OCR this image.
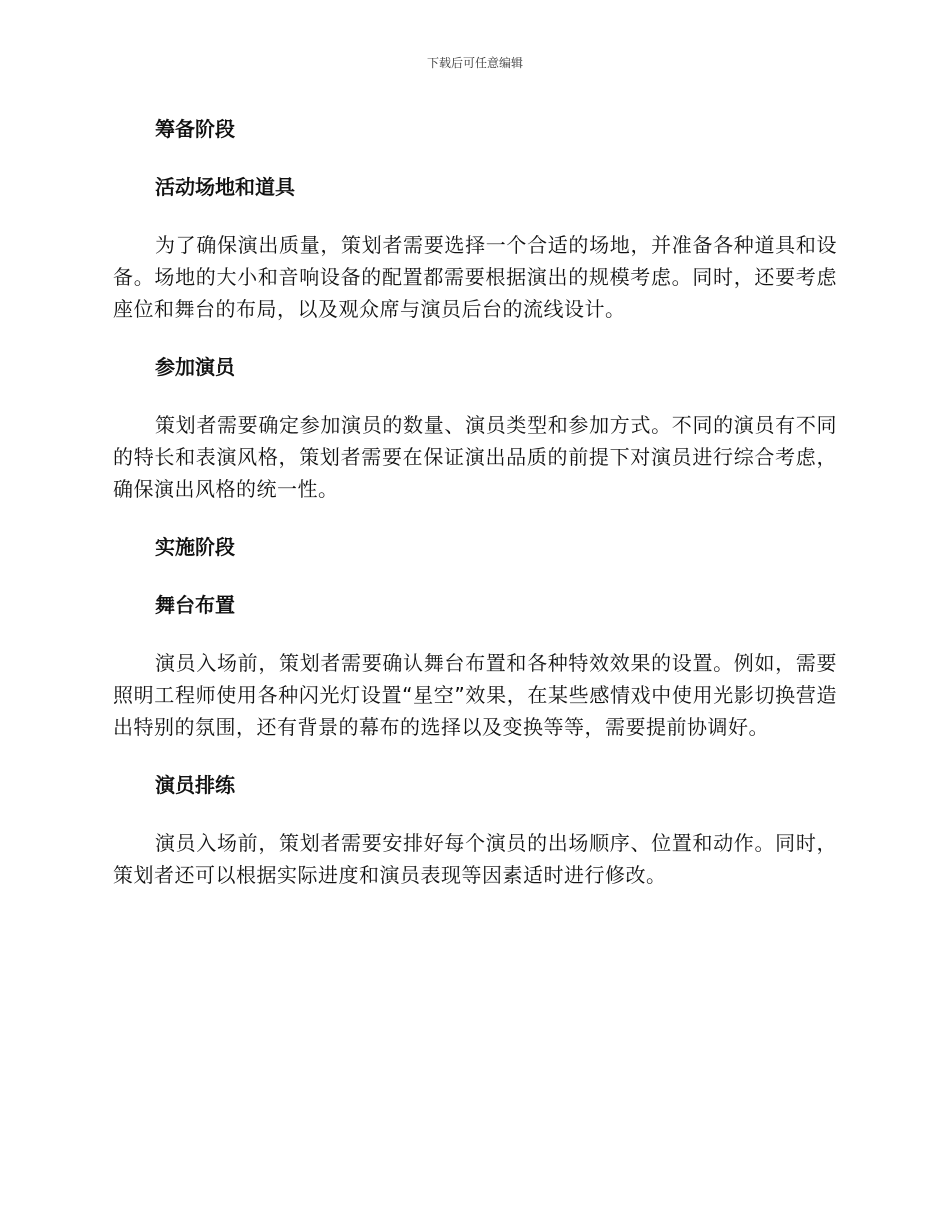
下载后可任意编辑
筹备阶段
活动场地和道具

为了确保演出质量，策划者需要选择一个合适的场地，并准备各种道具和设备。场地的大小和音响设备的配置都需要根据演出的规模考虑。同时，还要考虑座位和舞台的布局，以及观众席与演员后台的流线设计。

参加演员

策划者需要确定参加演员的数量、演员类型和参加方式。不同的演员有不同的特长和表演风格，策划者需要在保证演出品质的前提下对演员进行综合考虑，确保演出风格的统一性。

实施阶段
舞台布置

演员入场前，策划者需要确认舞台布置和各种特效效果的设置。例如，需要照明工程师使用各种闪光灯设置“星空”效果，在某些感情戏中使用光影切换营造出特别的氛围，还有背景的幕布的选择以及变换等等，需要提前协调好。

演员排练

演员入场前，策划者需要安排好每个演员的出场顺序、位置和动作。同时，策划者还可以根据实际进度和演员表现等因素适时进行修改。
